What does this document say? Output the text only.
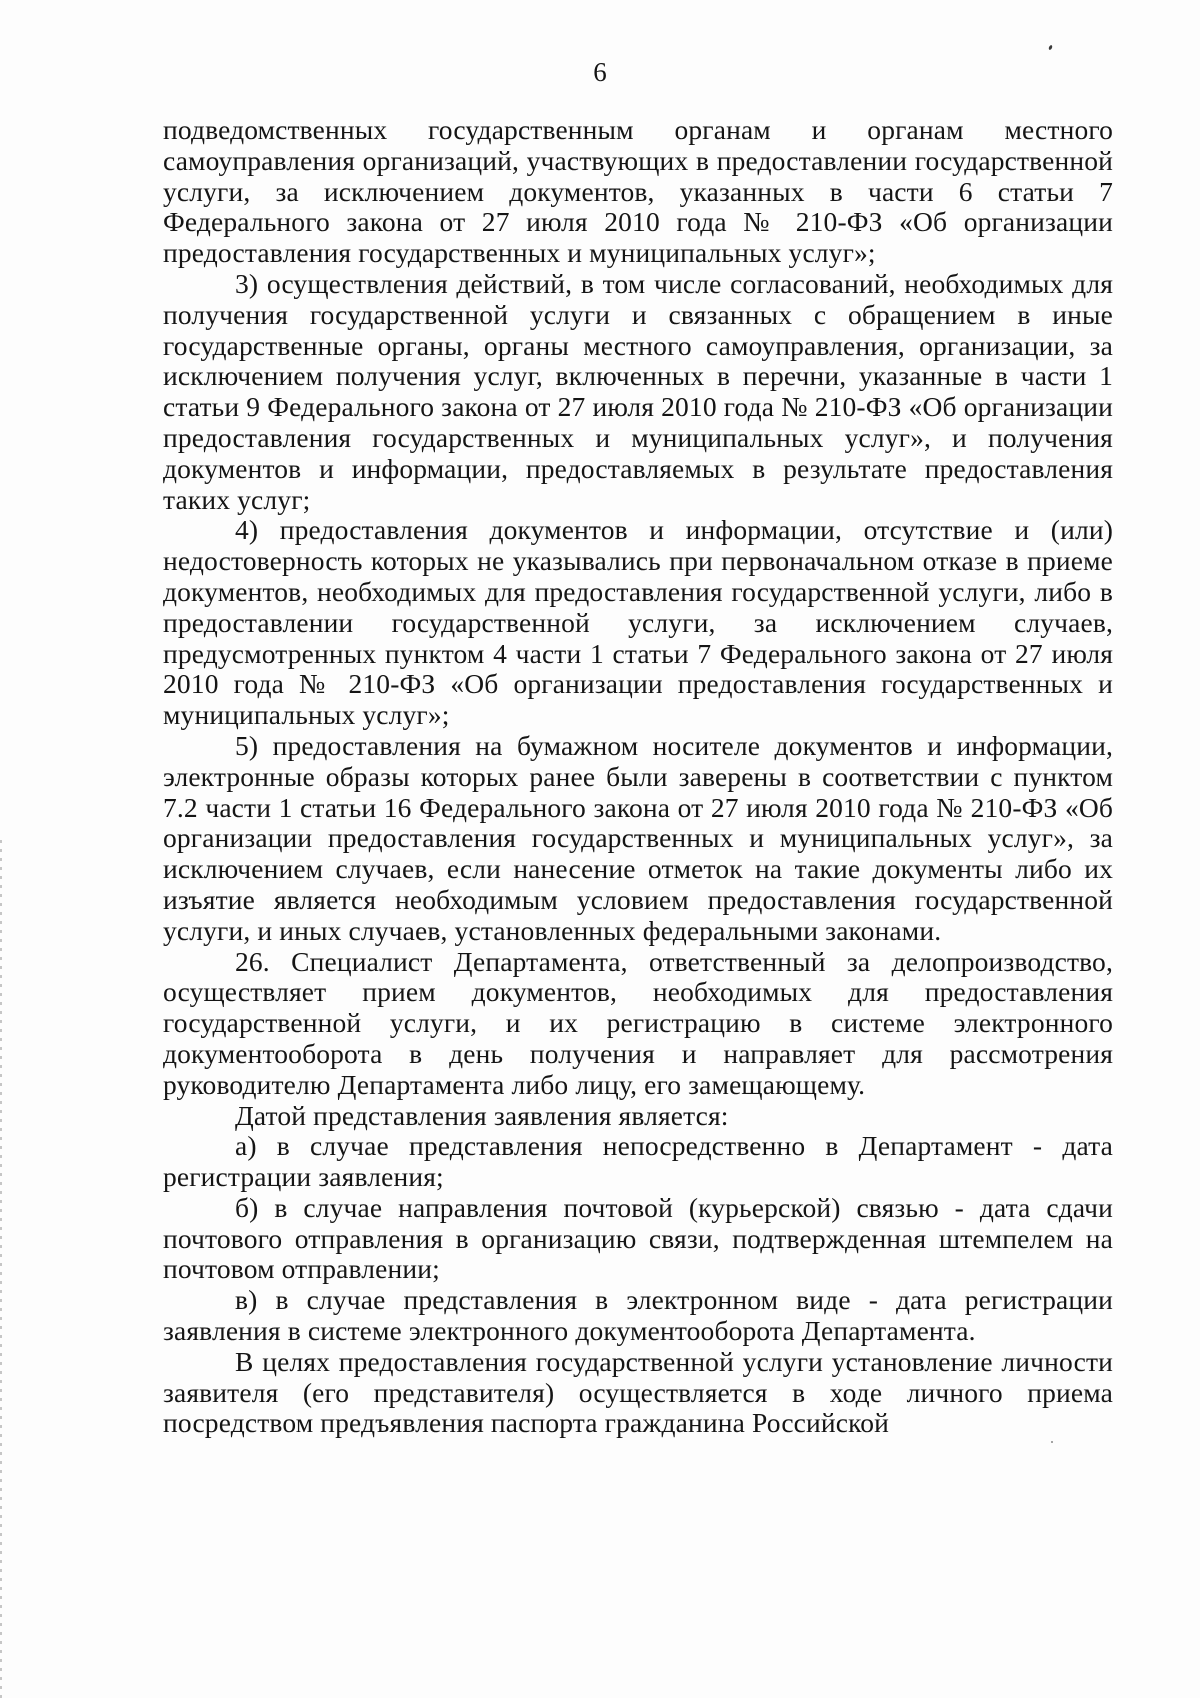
6

подведомственных государственным органам и органам местного самоуправления организаций, участвующих в предоставлении государственной услуги, за исключением документов, указанных в части 6 статьи 7 Федерального закона от 27 июля 2010 года № 210-ФЗ «Об организации предоставления государственных и муниципальных услуг»;

3) осуществления действий, в том числе согласований, необходимых для получения государственной услуги и связанных с обращением в иные государственные органы, органы местного самоуправления, организации, за исключением получения услуг, включенных в перечни, указанные в части 1 статьи 9 Федерального закона от 27 июля 2010 года № 210-ФЗ «Об организации предоставления государственных и муниципальных услуг», и получения документов и информации, предоставляемых в результате предоставления таких услуг;

4) предоставления документов и информации, отсутствие и (или) недостоверность которых не указывались при первоначальном отказе в приеме документов, необходимых для предоставления государственной услуги, либо в предоставлении государственной услуги, за исключением случаев, предусмотренных пунктом 4 части 1 статьи 7 Федерального закона от 27 июля 2010 года № 210-ФЗ «Об организации предоставления государственных и муниципальных услуг»;

5) предоставления на бумажном носителе документов и информации, электронные образы которых ранее были заверены в соответствии с пунктом 7.2 части 1 статьи 16 Федерального закона от 27 июля 2010 года № 210-ФЗ «Об организации предоставления государственных и муниципальных услуг», за исключением случаев, если нанесение отметок на такие документы либо их изъятие является необходимым условием предоставления государственной услуги, и иных случаев, установленных федеральными законами.

26. Специалист Департамента, ответственный за делопроизводство, осуществляет прием документов, необходимых для предоставления государственной услуги, и их регистрацию в системе электронного документооборота в день получения и направляет для рассмотрения руководителю Департамента либо лицу, его замещающему.

Датой представления заявления является:

а) в случае представления непосредственно в Департамент - дата регистрации заявления;

б) в случае направления почтовой (курьерской) связью - дата сдачи почтового отправления в организацию связи, подтвержденная штемпелем на почтовом отправлении;

в) в случае представления в электронном виде - дата регистрации заявления в системе электронного документооборота Департамента.

В целях предоставления государственной услуги установление личности заявителя (его представителя) осуществляется в ходе личного приема посредством предъявления паспорта гражданина Российской
